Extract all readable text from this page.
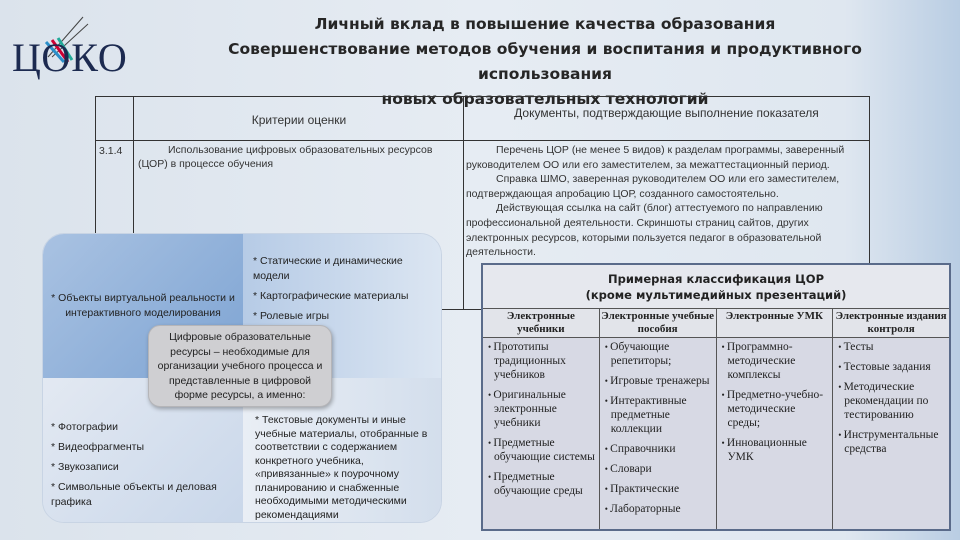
ЦОКО
Личный вклад в повышение качества образования
Совершенствование методов обучения и воспитания и продуктивного использования
новых образовательных технологий
Критерии оценки	Документы, подтверждающие выполнение показателя
3.1.4	Использование цифровых образовательных ресурсов (ЦОР) в процессе обучения

Перечень ЦОР (не менее 5 видов) к разделам программы, заверенный руководителем ОО или его заместителем, за межаттестационный период.

Справка ШМО, заверенная руководителем ОО или его заместителем, подтверждающая апробацию ЦОР, созданного самостоятельно.

Действующая ссылка на сайт (блог) аттестуемого по направлению профессиональной деятельности. Скриншоты страниц сайтов, других электронных ресурсов, которыми пользуется педагог в образовательной деятельности.

* Объекты виртуальной реальности и интерактивного моделирования
* Статические и динамические модели
* Картографические материалы
* Ролевые игры
* Фотографии
* Видеофрагменты
* Звукозаписи
* Символьные объекты и деловая графика
* Текстовые документы и иные учебные материалы, отобранные в соответствии с содержанием конкретного учебника, «привязанные» к поурочному планированию и снабженные необходимыми методическими рекомендациями
Цифровые образовательные ресурсы – необходимые для организации учебного процесса и представленные в цифровой форме ресурсы, а именно:
Примерная классификация ЦОР
(кроме мультимедийных презентаций)
Электронные учебники
• Прототипы традиционных учебников
• Оригинальные электронные учебники
• Предметные обучающие системы
• Предметные обучающие среды
Электронные учебные пособия
• Обучающие репетиторы;
• Игровые тренажеры
• Интерактивные предметные коллекции
• Справочники
• Словари
• Практические
• Лабораторные
Электронные УМК
• Программно-методические комплексы
• Предметно-учебно-методические среды;
• Инновационные УМК
Электронные издания контроля
• Тесты
• Тестовые задания
• Методические рекомендации по тестированию
• Инструментальные средства
